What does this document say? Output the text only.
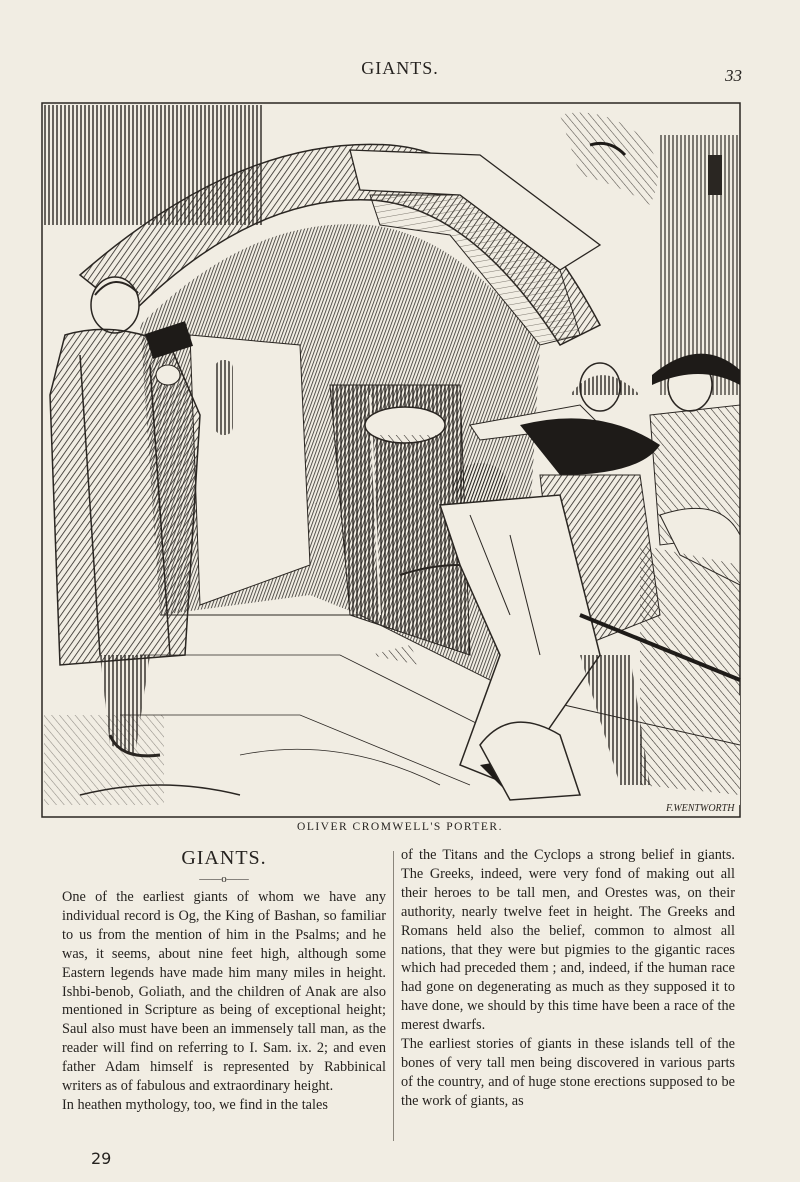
GIANTS.	33
F.WENTWORTH
OLIVER CROMWELL'S PORTER.
GIANTS.
——o——

One of the earliest giants of whom we have any individual record is Og, the King of Bashan, so familiar to us from the mention of him in the Psalms; and he was, it seems, about nine feet high, although some Eastern legends have made him many miles in height. Ishbi-benob, Goliath, and the children of Anak are also mentioned in Scripture as being of exceptional height; Saul also must have been an immensely tall man, as the reader will find on referring to I. Sam. ix. 2; and even father Adam himself is represented by Rabbinical writers as of fabulous and extraordinary height.

In heathen mythology, too, we find in the tales

of the Titans and the Cyclops a strong belief in giants. The Greeks, indeed, were very fond of making out all their heroes to be tall men, and Orestes was, on their authority, nearly twelve feet in height. The Greeks and Romans held also the belief, common to almost all nations, that they were but pigmies to the gigantic races which had preceded them ; and, indeed, if the human race had gone on degenerating as much as they supposed it to have done, we should by this time have been a race of the merest dwarfs.

The earliest stories of giants in these islands tell of the bones of very tall men being discovered in various parts of the country, and of huge stone erections supposed to be the work of giants, as

29
